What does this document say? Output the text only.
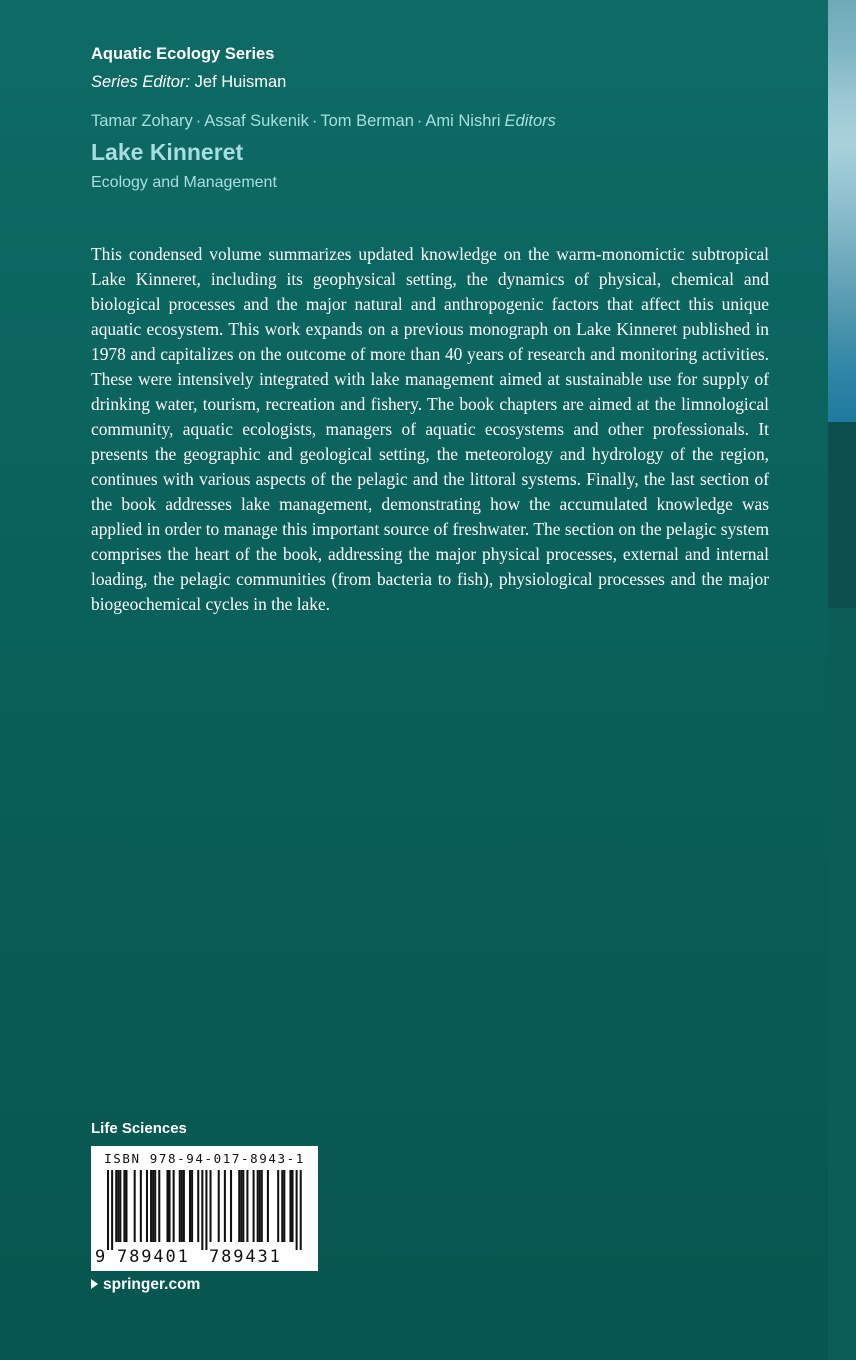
Aquatic Ecology Series
Series Editor: Jef Huisman
Tamar Zohary · Assaf Sukenik · Tom Berman · Ami Nishri Editors
Lake Kinneret
Ecology and Management

This condensed volume summarizes updated knowledge on the warm-monomictic subtropical Lake Kinneret, including its geophysical setting, the dynamics of physical, chemical and biological processes and the major natural and anthropogenic factors that affect this unique aquatic ecosystem. This work expands on a previous monograph on Lake Kinneret published in 1978 and capitalizes on the outcome of more than 40 years of research and monitoring activities. These were intensively integrated with lake management aimed at sustainable use for supply of drinking water, tourism, recreation and fishery. The book chapters are aimed at the limnological community, aquatic ecologists, managers of aquatic ecosystems and other professionals. It presents the geographic and geological setting, the meteorology and hydrology of the region, continues with various aspects of the pelagic and the littoral systems. Finally, the last section of the book addresses lake management, demonstrating how the accumulated knowledge was applied in order to manage this important source of freshwater. The section on the pelagic system comprises the heart of the book, addressing the major physical processes, external and internal loading, the pelagic communities (from bacteria to fish), physiological processes and the major biogeochemical cycles in the lake.

Life Sciences
ISBN 978-94-017-8943-1
9 789401 789431
springer.com
